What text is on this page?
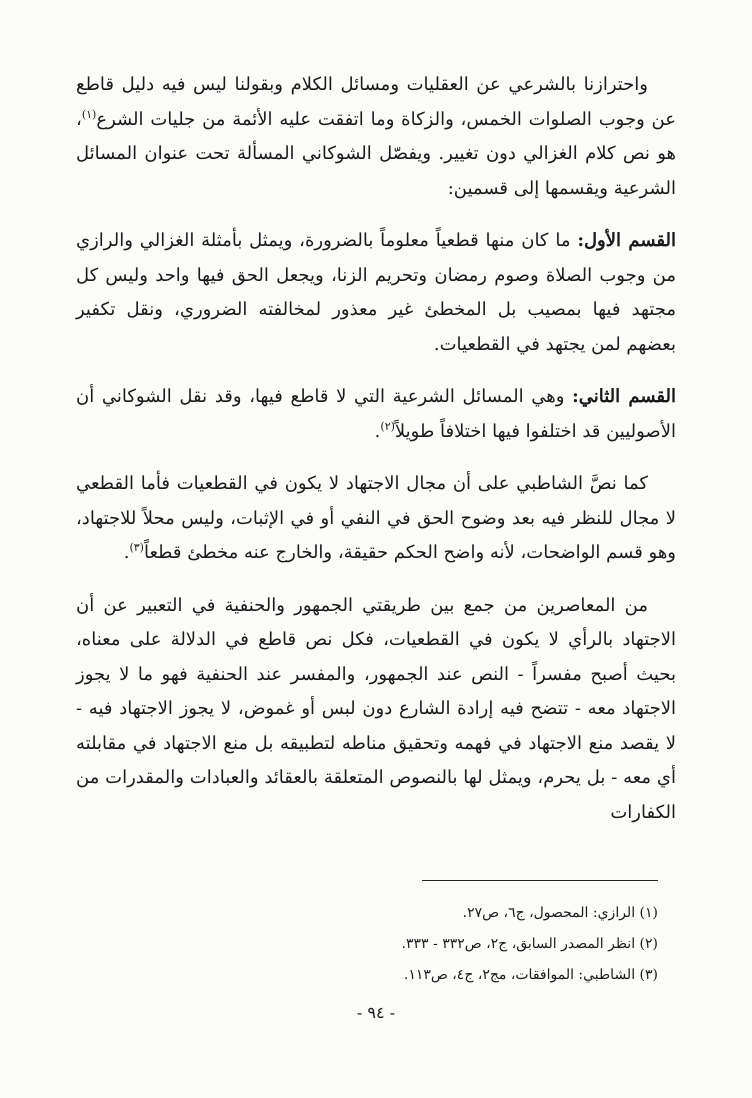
واحترازنا بالشرعي عن العقليات ومسائل الكلام وبقولنا ليس فيه دليل قاطع عن وجوب الصلوات الخمس، والزكاة وما اتفقت عليه الأئمة من جليات الشرع$^{(١)}$، هو نص كلام الغزالي دون تغيير. ويفصّل الشوكاني المسألة تحت عنوان المسائل الشرعية ويقسمها إلى قسمين:

القسم الأول: ما كان منها قطعياً معلوماً بالضرورة، ويمثل بأمثلة الغزالي والرازي من وجوب الصلاة وصوم رمضان وتحريم الزنا، ويجعل الحق فيها واحد وليس كل مجتهد فيها بمصيب بل المخطئ غير معذور لمخالفته الضروري، ونقل تكفير بعضهم لمن يجتهد في القطعيات.

القسم الثاني: وهي المسائل الشرعية التي لا قاطع فيها، وقد نقل الشوكاني أن الأصوليين قد اختلفوا فيها اختلافاً طويلاً$^{(٢)}$.

كما نصَّ الشاطبي على أن مجال الاجتهاد لا يكون في القطعيات فأما القطعي لا مجال للنظر فيه بعد وضوح الحق في النفي أو في الإثبات، وليس محلاً للاجتهاد، وهو قسم الواضحات، لأنه واضح الحكم حقيقة، والخارج عنه مخطئ قطعاً$^{(٣)}$.

من المعاصرين من جمع بين طريقتي الجمهور والحنفية في التعبير عن أن الاجتهاد بالرأي لا يكون في القطعيات، فكل نص قاطع في الدلالة على معناه، بحيث أصبح مفسراً - النص عند الجمهور، والمفسر عند الحنفية فهو ما لا يجوز الاجتهاد معه - تتضح فيه إرادة الشارع دون لبس أو غموض، لا يجوز الاجتهاد فيه - لا يقصد منع الاجتهاد في فهمه وتحقيق مناطه لتطبيقه بل منع الاجتهاد في مقابلته أي معه - بل يحرم، ويمثل لها بالنصوص المتعلقة بالعقائد والعبادات والمقدرات من الكفارات

(١) الرازي: المحصول، ج٦، ص٢٧.

(٢) انظر المصدر السابق، ج٢، ص٣٣٢ - ٣٣٣.

(٣) الشاطبي: الموافقات، مج٢، ج٤، ص١١٣.

- ٩٤ -
